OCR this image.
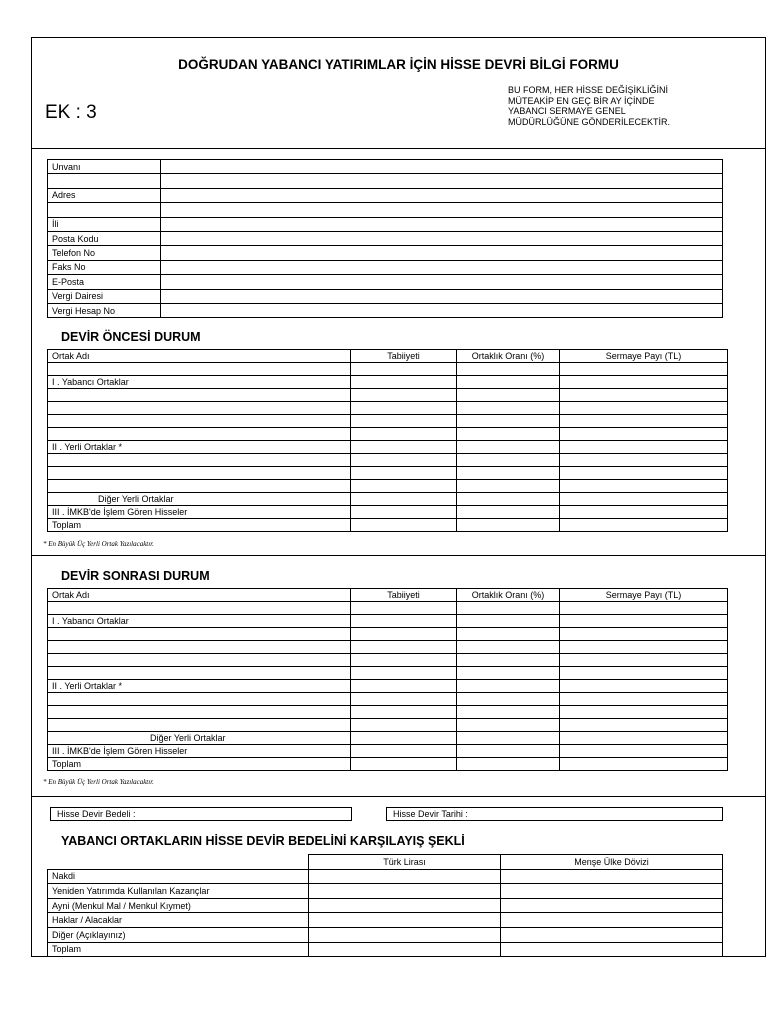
DOĞRUDAN YABANCI YATIRIMLAR İÇİN HİSSE DEVRİ BİLGİ FORMU
EK : 3
BU FORM, HER HİSSE DEĞİŞİKLİĞİNİ
MÜTEAKİP EN GEÇ BİR AY İÇİNDE
YABANCI SERMAYE GENEL
MÜDÜRLÜĞÜNE GÖNDERİLECEKTİR.
Unvanı	

Adres	

İli	
Posta Kodu	
Telefon No	
Faks No	
E-Posta	
Vergi Dairesi	
Vergi Hesap No	
DEVİR ÖNCESİ DURUM
Ortak Adı	Tabiiyeti	Ortaklık Oranı (%)	Sermaye Payı (TL)

I . Yabancı Ortaklar			

II . Yerli Ortaklar *			

Diğer Yerli Ortaklar			
III . İMKB'de İşlem Gören Hisseler			
Toplam			
* En Büyük Üç Yerli Ortak Yazılacaktır.
DEVİR SONRASI DURUM
Ortak Adı	Tabiiyeti	Ortaklık Oranı (%)	Sermaye Payı (TL)

I . Yabancı Ortaklar			

II . Yerli Ortaklar *			

Diğer Yerli Ortaklar			
III . İMKB'de İşlem Gören Hisseler			
Toplam			
* En Büyük Üç Yerli Ortak Yazılacaktır.
Hisse Devir Bedeli :	Hisse Devir Tarihi :
YABANCI ORTAKLARIN HİSSE DEVİR BEDELİNİ KARŞILAYIŞ ŞEKLİ
	Türk Lirası	Menşe Ülke Dövizi
Nakdi		
Yeniden Yatırımda Kullanılan Kazançlar		
Ayni (Menkul Mal / Menkul Kıymet)		
Haklar / Alacaklar		
Diğer (Açıklayınız)		
Toplam		
